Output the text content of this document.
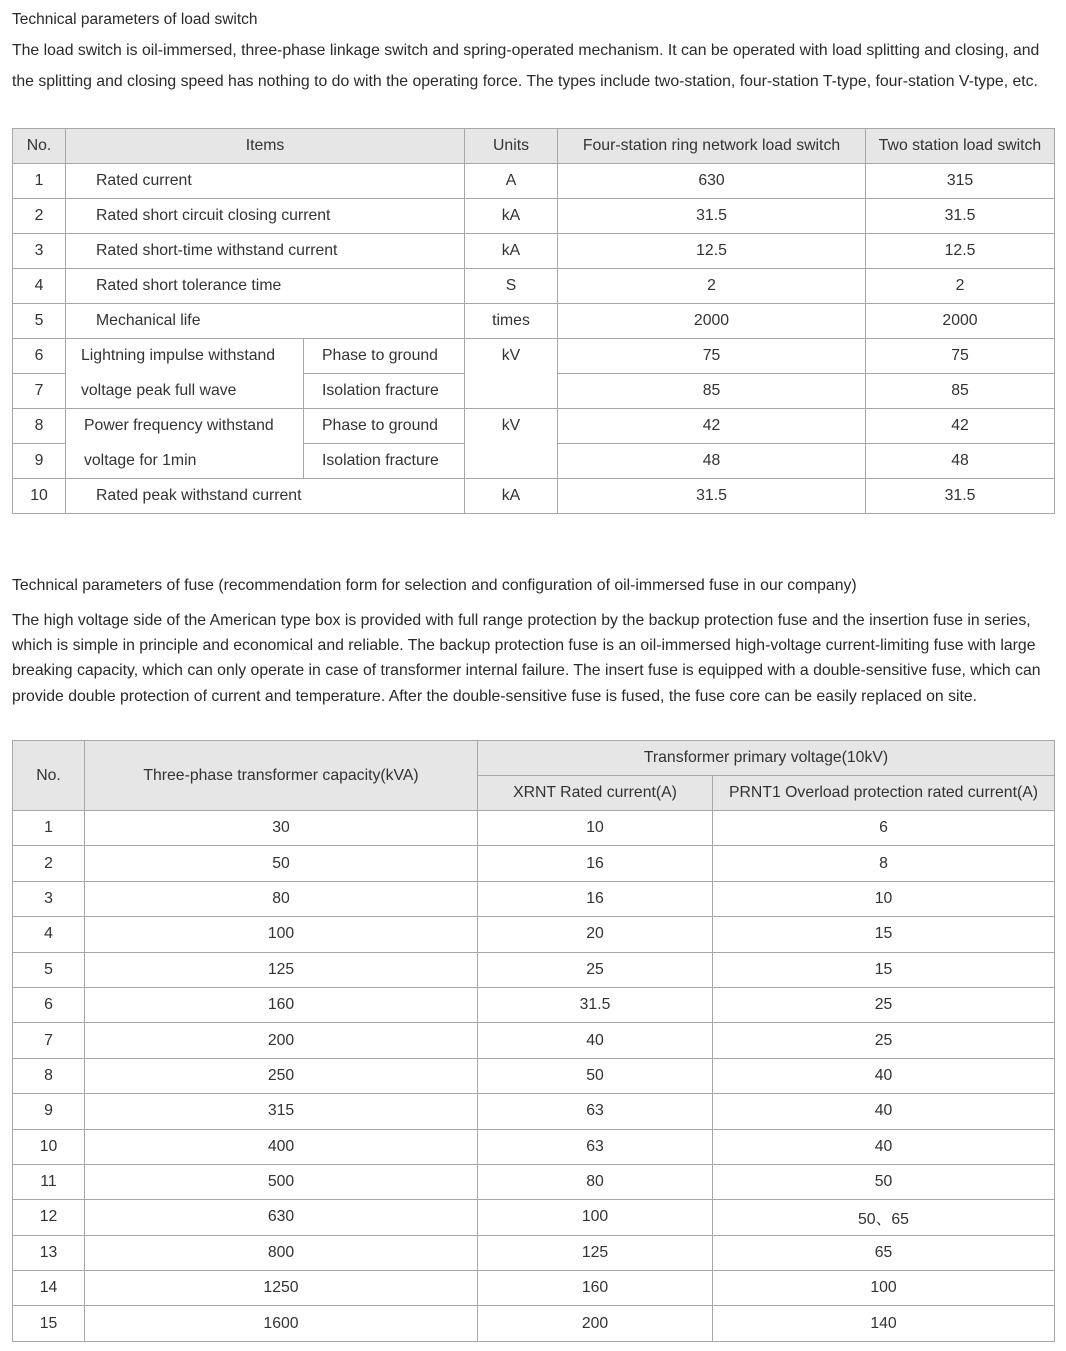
Technical parameters of load switch
The load switch is oil-immersed, three-phase linkage switch and spring-operated mechanism. It can be operated with load splitting and closing, and the splitting and closing speed has nothing to do with the operating force. The types include two-station, four-station T-type, four-station V-type, etc.
No.	Items		Units	Four-station ring network load switch	Two station load switch
1	Rated current		A	630	315
2	Rated short circuit closing current		kA	31.5	31.5
3	Rated short-time withstand current		kA	12.5	12.5
4	Rated short tolerance time		S	2	2
5	Mechanical life		times	2000	2000
6	Lightning impulse withstand	Phase to ground	kV	75	75
7	voltage peak full wave	Isolation fracture		85	85
8	Power frequency withstand	Phase to ground	kV	42	42
9	voltage for 1min	Isolation fracture		48	48
10	Rated peak withstand current		kA	31.5	31.5
Technical parameters of fuse (recommendation form for selection and configuration of oil-immersed fuse in our company)
The high voltage side of the American type box is provided with full range protection by the backup protection fuse and the insertion fuse in series, which is simple in principle and economical and reliable. The backup protection fuse is an oil-immersed high-voltage current-limiting fuse with large breaking capacity, which can only operate in case of transformer internal failure. The insert fuse is equipped with a double-sensitive fuse, which can provide double protection of current and temperature. After the double-sensitive fuse is fused, the fuse core can be easily replaced on site.
No.	Three-phase transformer capacity(kVA)	Transformer primary voltage(10kV)	
		XRNT Rated current(A)	PRNT1 Overload protection rated current(A)
1	30	10	6
2	50	16	8
3	80	16	10
4	100	20	15
5	125	25	15
6	160	31.5	25
7	200	40	25
8	250	50	40
9	315	63	40
10	400	63	40
11	500	80	50
12	630	100	50、65
13	800	125	65
14	1250	160	100
15	1600	200	140
